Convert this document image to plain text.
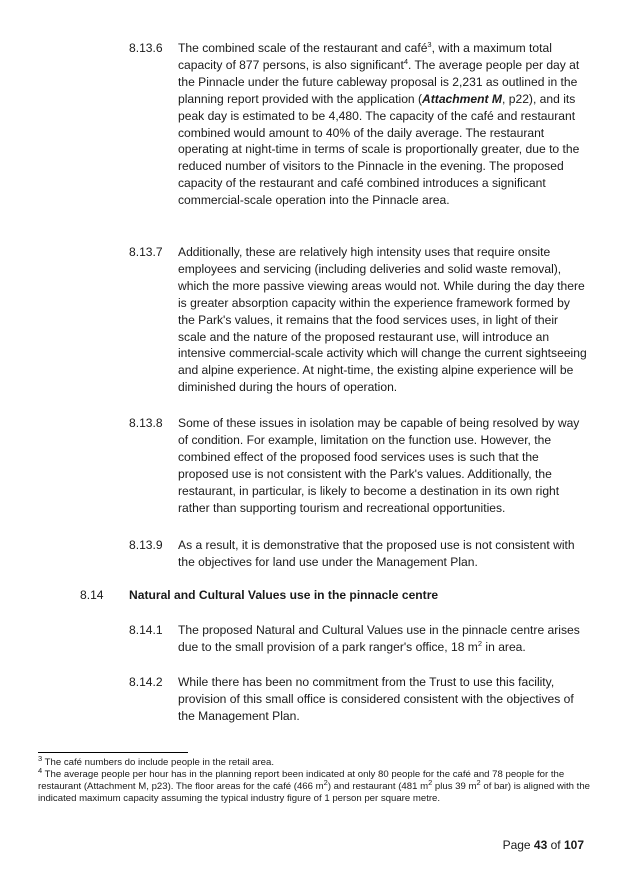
8.13.6 The combined scale of the restaurant and café$^3$, with a maximum total capacity of 877 persons, is also significant$^4$. The average people per day at the Pinnacle under the future cableway proposal is 2,231 as outlined in the planning report provided with the application (Attachment M, p22), and its peak day is estimated to be 4,480. The capacity of the café and restaurant combined would amount to 40% of the daily average. The restaurant operating at night-time in terms of scale is proportionally greater, due to the reduced number of visitors to the Pinnacle in the evening. The proposed capacity of the restaurant and café combined introduces a significant commercial-scale operation into the Pinnacle area.
8.13.7 Additionally, these are relatively high intensity uses that require onsite employees and servicing (including deliveries and solid waste removal), which the more passive viewing areas would not. While during the day there is greater absorption capacity within the experience framework formed by the Park's values, it remains that the food services uses, in light of their scale and the nature of the proposed restaurant use, will introduce an intensive commercial-scale activity which will change the current sightseeing and alpine experience. At night-time, the existing alpine experience will be diminished during the hours of operation.
8.13.8 Some of these issues in isolation may be capable of being resolved by way of condition. For example, limitation on the function use. However, the combined effect of the proposed food services uses is such that the proposed use is not consistent with the Park's values. Additionally, the restaurant, in particular, is likely to become a destination in its own right rather than supporting tourism and recreational opportunities.
8.13.9 As a result, it is demonstrative that the proposed use is not consistent with the objectives for land use under the Management Plan.
8.14 Natural and Cultural Values use in the pinnacle centre
8.14.1 The proposed Natural and Cultural Values use in the pinnacle centre arises due to the small provision of a park ranger's office, 18 $m^2$ in area.
8.14.2 While there has been no commitment from the Trust to use this facility, provision of this small office is considered consistent with the objectives of the Management Plan.
$^3$ The café numbers do include people in the retail area.
$^4$ The average people per hour has in the planning report been indicated at only 80 people for the café and 78 people for the restaurant (Attachment M, p23). The floor areas for the café (466 $m^2$) and restaurant (481 $m^2$ plus 39 $m^2$ of bar) is aligned with the indicated maximum capacity assuming the typical industry figure of 1 person per square metre.
Page 43 of 107
